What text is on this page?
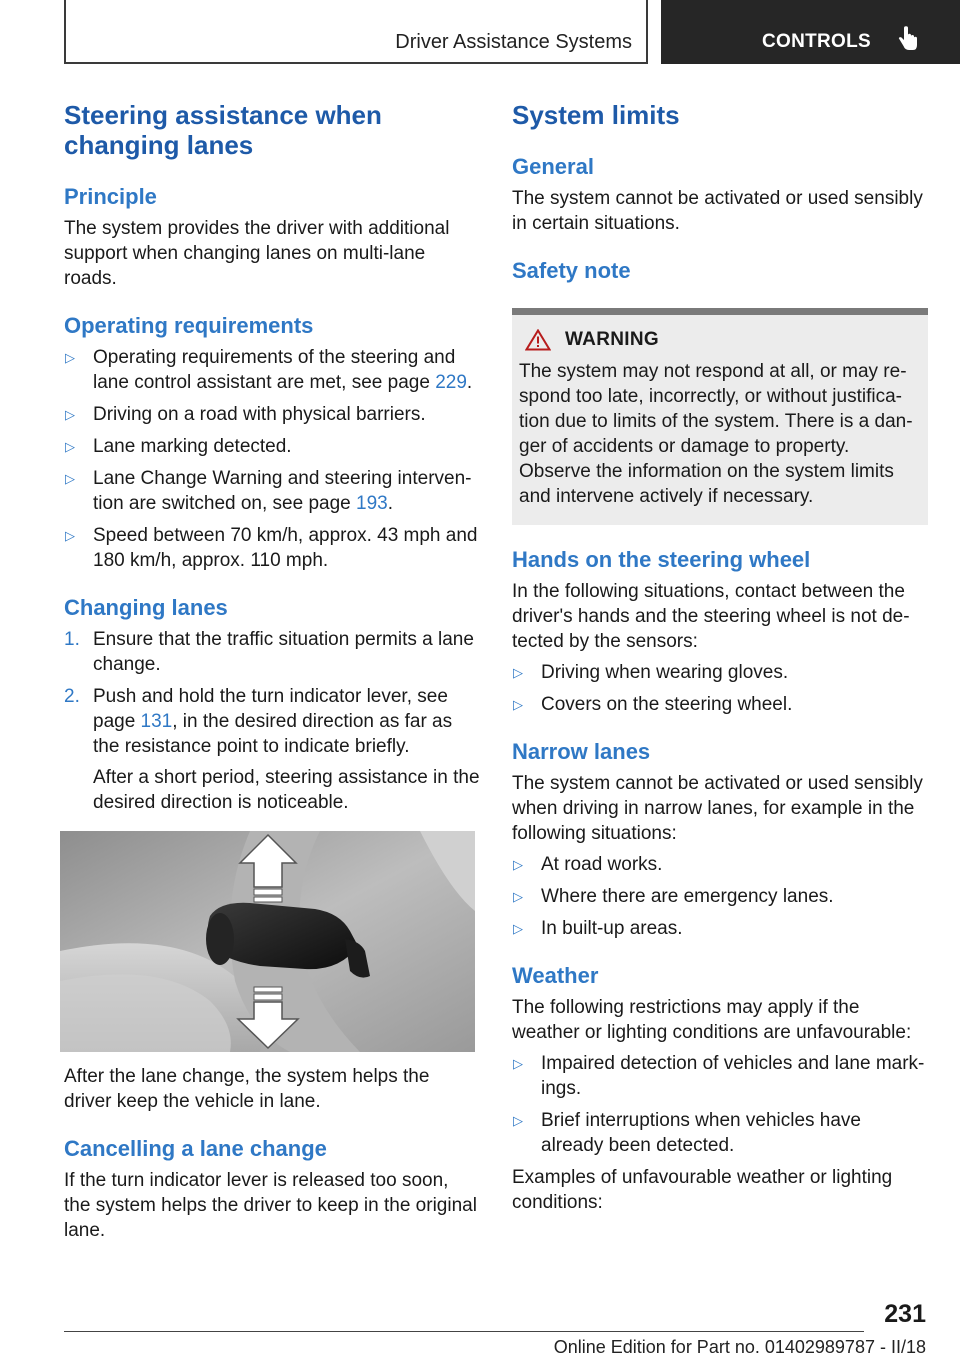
Driver Assistance Systems	CONTROLS
Steering assistance when changing lanes
Principle

The system provides the driver with additional support when changing lanes on multi-lane roads.

Operating requirements
▷ Operating requirements of the steering and lane control assistant are met, see page 229.
▷ Driving on a road with physical barriers.
▷ Lane marking detected.
▷ Lane Change Warning and steering interven-tion are switched on, see page 193.
▷ Speed between 70 km/h, approx. 43 mph and 180 km/h, approx. 110 mph.
Changing lanes
1. Ensure that the traffic situation permits a lane change.
2. Push and hold the turn indicator lever, see page 131, in the desired direction as far as the resistance point to indicate briefly.
After a short period, steering assistance in the desired direction is noticeable.

After the lane change, the system helps the driver keep the vehicle in lane.

Cancelling a lane change

If the turn indicator lever is released too soon, the system helps the driver to keep in the original lane.

System limits
General

The system cannot be activated or used sensibly in certain situations.

Safety note
WARNING

The system may not respond at all, or may re-spond too late, incorrectly, or without justifica-tion due to limits of the system. There is a dan-ger of accidents or damage to property. Observe the information on the system limits and intervene actively if necessary.

Hands on the steering wheel

In the following situations, contact between the driver's hands and the steering wheel is not de-tected by the sensors:

▷ Driving when wearing gloves.
▷ Covers on the steering wheel.
Narrow lanes

The system cannot be activated or used sensibly when driving in narrow lanes, for example in the following situations:

▷ At road works.
▷ Where there are emergency lanes.
▷ In built-up areas.
Weather

The following restrictions may apply if the weather or lighting conditions are unfavourable:

▷ Impaired detection of vehicles and lane mark-ings.
▷ Brief interruptions when vehicles have already been detected.

Examples of unfavourable weather or lighting conditions:

231
Online Edition for Part no. 01402989787 - II/18
